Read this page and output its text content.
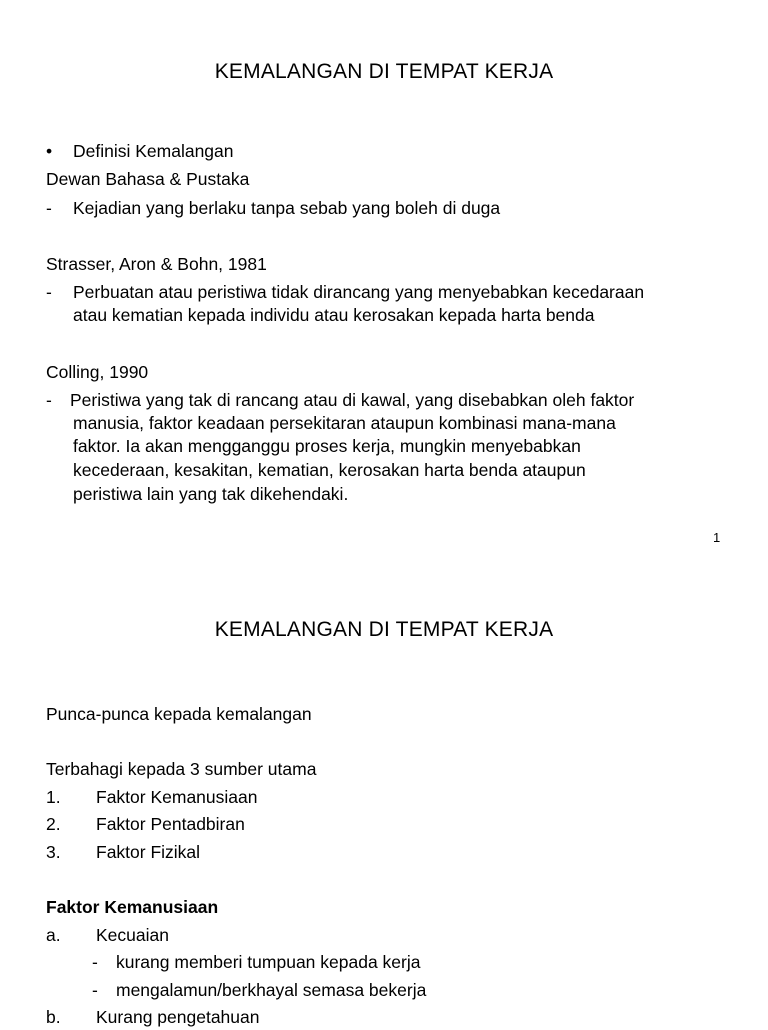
KEMALANGAN DI TEMPAT KERJA
• Definisi Kemalangan
Dewan Bahasa & Pustaka
- Kejadian yang berlaku tanpa sebab yang boleh di duga
Strasser, Aron & Bohn, 1981
- Perbuatan atau peristiwa tidak dirancang yang menyebabkan kecedaraan
atau kematian kepada individu atau kerosakan kepada harta benda
Colling, 1990
- Peristiwa yang tak di rancang atau di kawal, yang disebabkan oleh faktor
manusia, faktor keadaan persekitaran ataupun kombinasi mana-mana
faktor. Ia akan mengganggu proses kerja, mungkin menyebabkan
kecederaan, kesakitan, kematian, kerosakan harta benda ataupun
peristiwa lain yang tak dikehendaki.
1
KEMALANGAN DI TEMPAT KERJA
Punca-punca kepada kemalangan
Terbahagi kepada 3 sumber utama
1. Faktor Kemanusiaan
2. Faktor Pentadbiran
3. Faktor Fizikal
Faktor Kemanusiaan
a. Kecuaian
- kurang memberi tumpuan kepada kerja
- mengalamun/berkhayal semasa bekerja
b. Kurang pengetahuan
